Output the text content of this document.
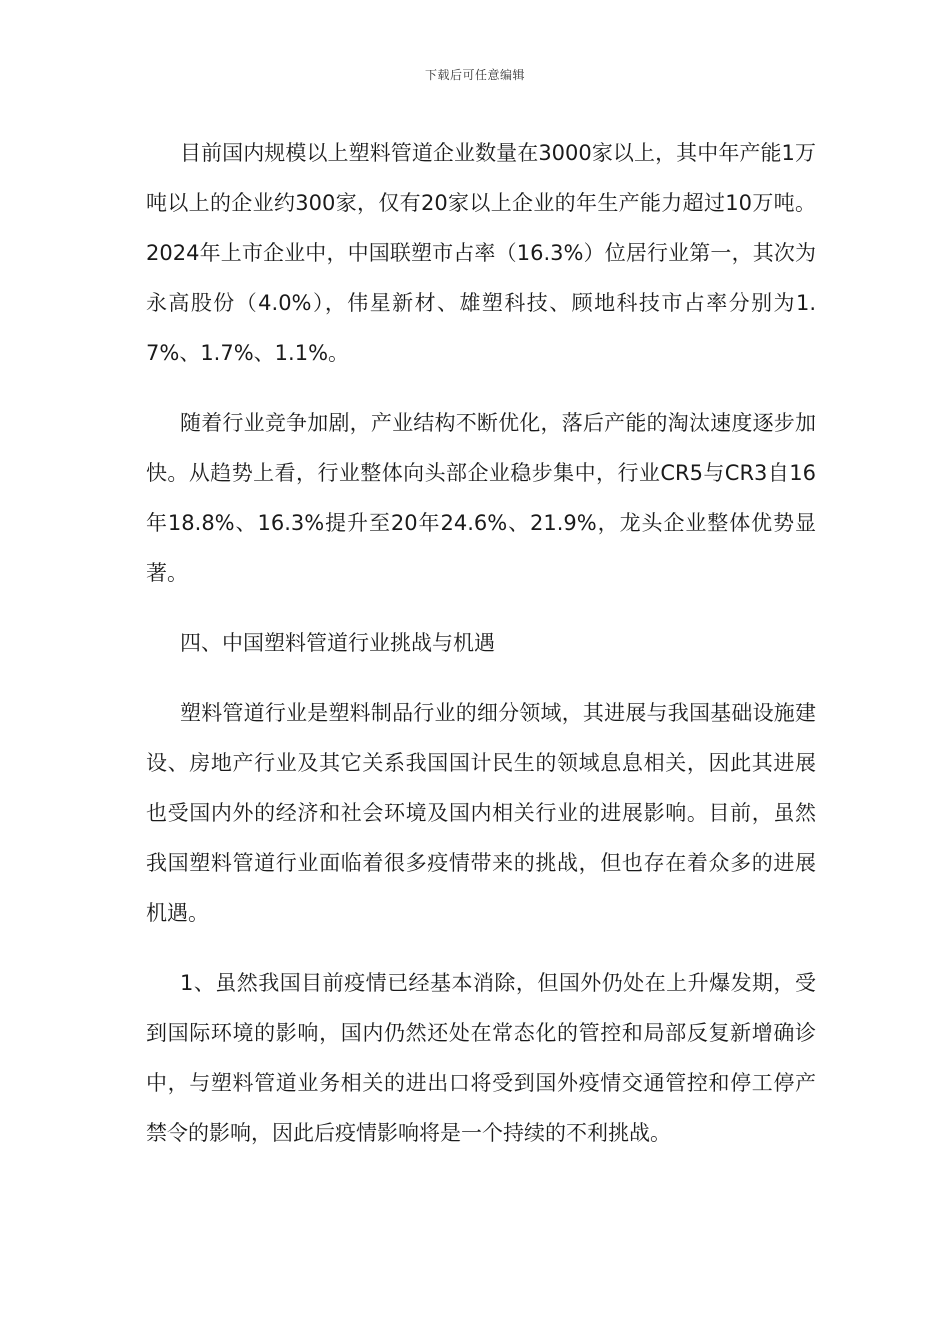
下载后可任意编辑

目前国内规模以上塑料管道企业数量在3000家以上，其中年产能1万吨以上的企业约300家，仅有20家以上企业的年生产能力超过10万吨。2024年上市企业中，中国联塑市占率（16.3%）位居行业第一，其次为永高股份（4.0%），伟星新材、雄塑科技、顾地科技市占率分别为1.7%、1.7%、1.1%。

随着行业竞争加剧，产业结构不断优化，落后产能的淘汰速度逐步加快。从趋势上看，行业整体向头部企业稳步集中，行业CR5与CR3自16年18.8%、16.3%提升至20年24.6%、21.9%，龙头企业整体优势显著。

四、中国塑料管道行业挑战与机遇

塑料管道行业是塑料制品行业的细分领域，其进展与我国基础设施建设、房地产行业及其它关系我国国计民生的领域息息相关，因此其进展也受国内外的经济和社会环境及国内相关行业的进展影响。目前，虽然我国塑料管道行业面临着很多疫情带来的挑战，但也存在着众多的进展机遇。

1、虽然我国目前疫情已经基本消除，但国外仍处在上升爆发期，受到国际环境的影响，国内仍然还处在常态化的管控和局部反复新增确诊中，与塑料管道业务相关的进出口将受到国外疫情交通管控和停工停产禁令的影响，因此后疫情影响将是一个持续的不利挑战。
